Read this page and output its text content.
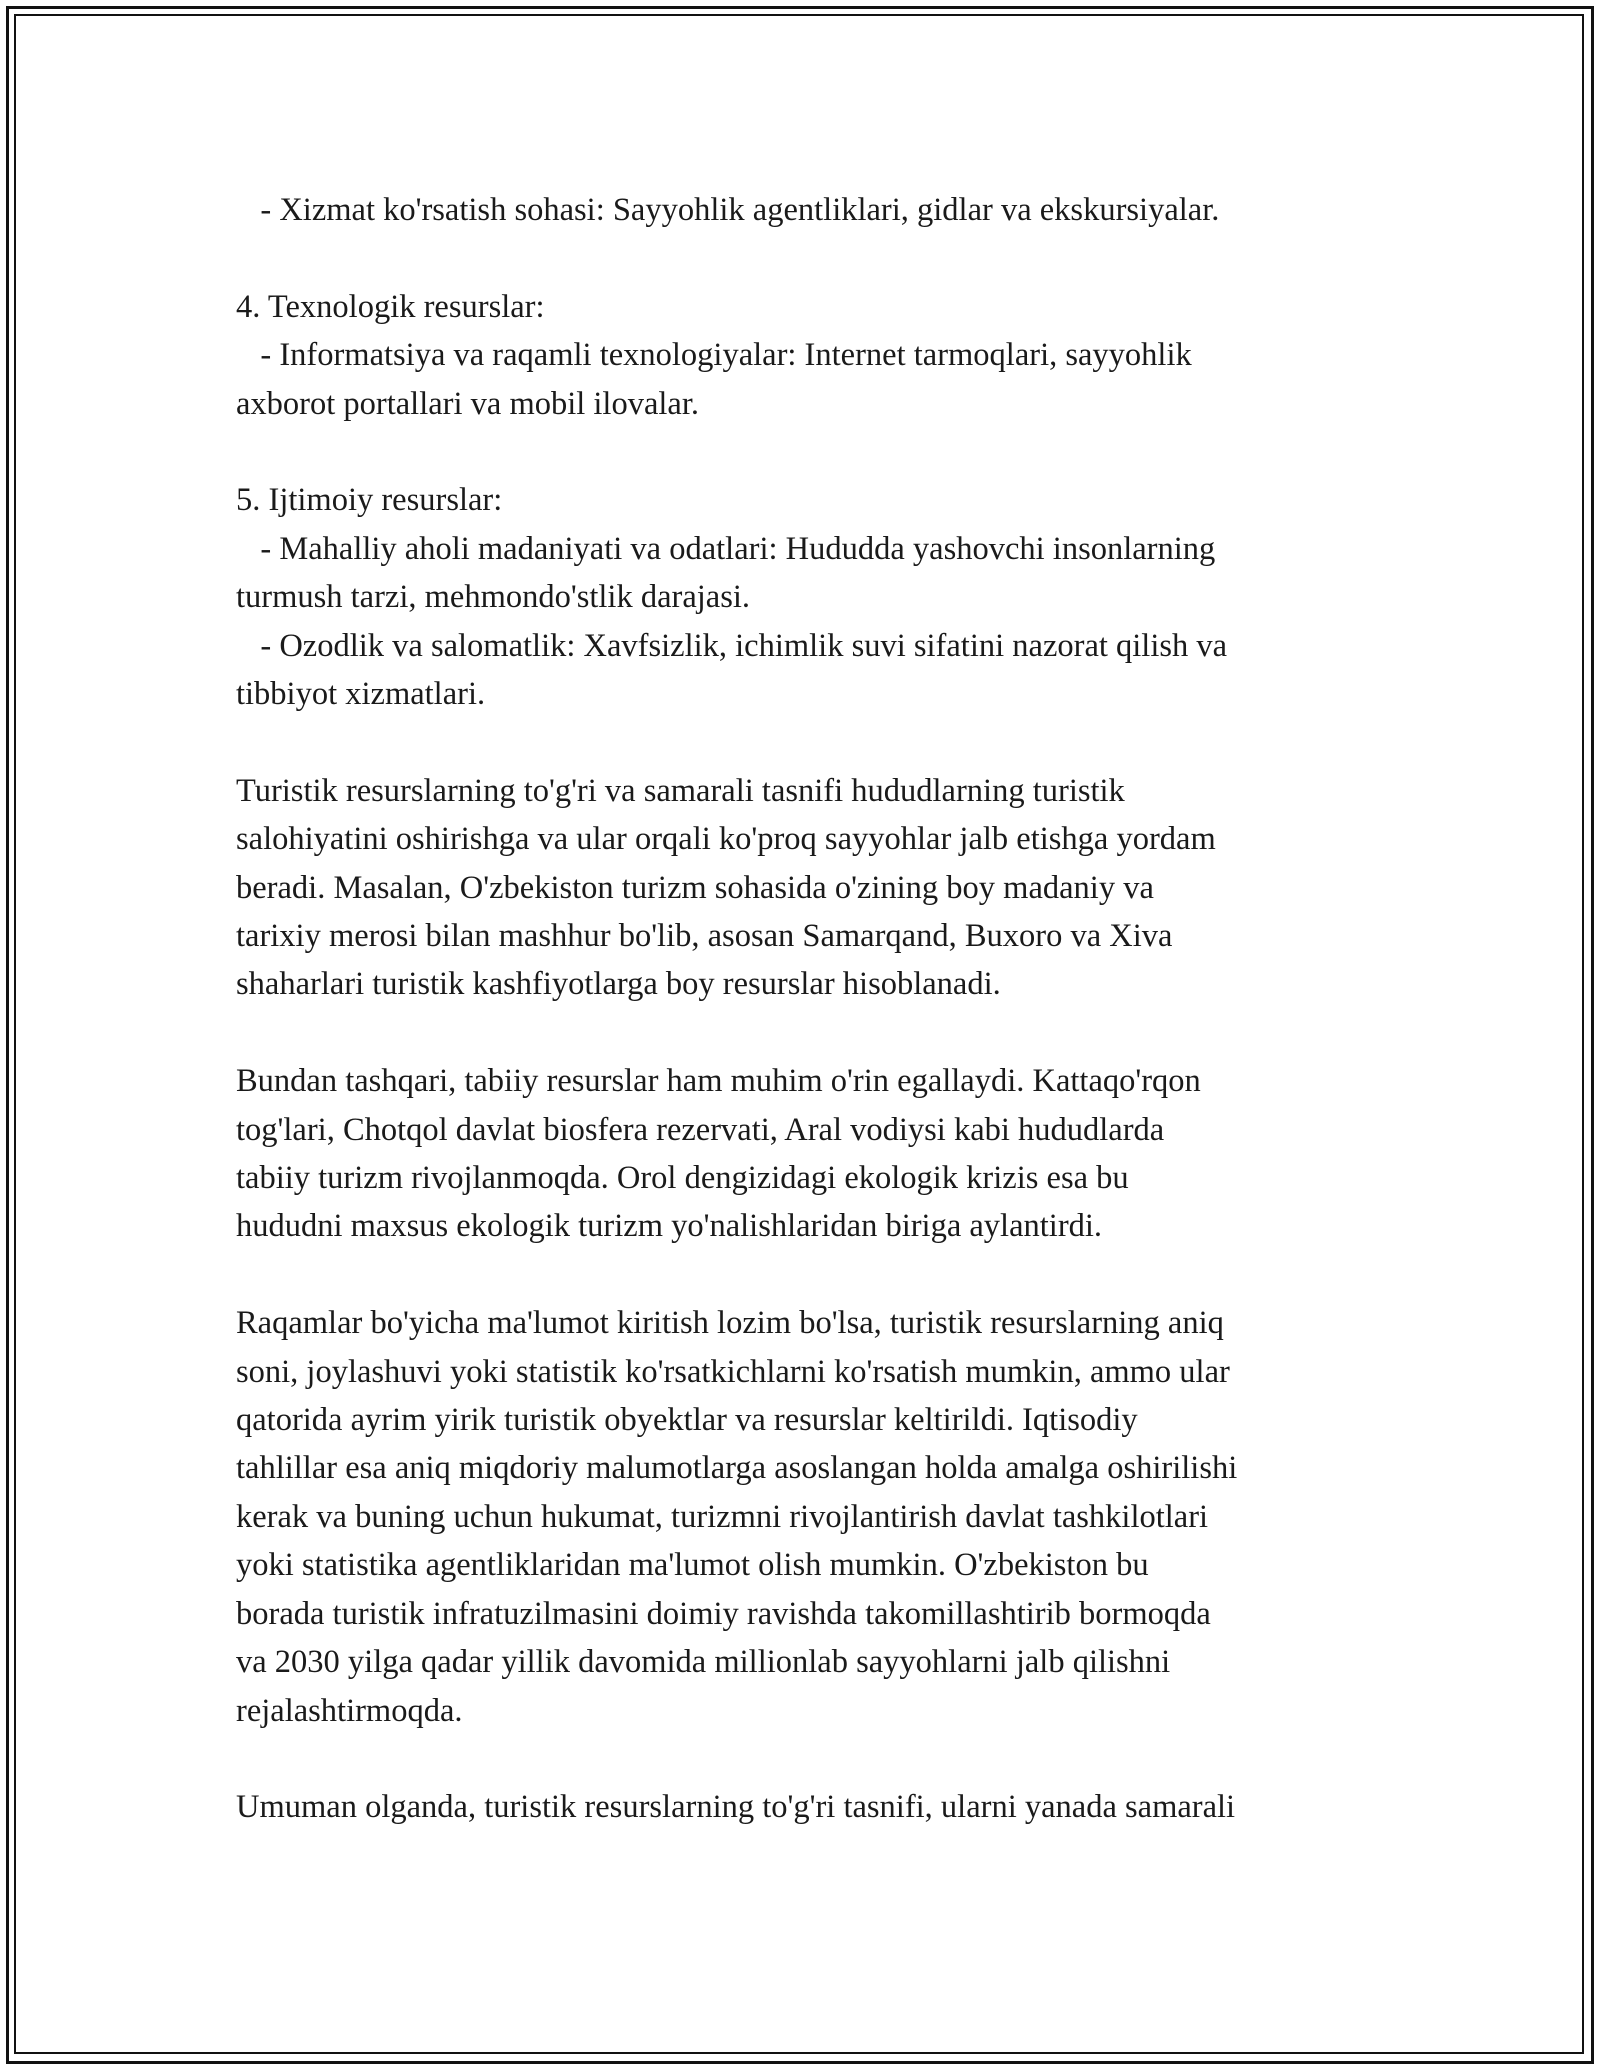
- Xizmat ko'rsatish sohasi: Sayyohlik agentliklari, gidlar va ekskursiyalar.

4. Texnologik resurslar:

- Informatsiya va raqamli texnologiyalar: Internet tarmoqlari, sayyohlik

axborot portallari va mobil ilovalar.

5. Ijtimoiy resurslar:

- Mahalliy aholi madaniyati va odatlari: Hududda yashovchi insonlarning

turmush tarzi, mehmondo'stlik darajasi.

- Ozodlik va salomatlik: Xavfsizlik, ichimlik suvi sifatini nazorat qilish va

tibbiyot xizmatlari.

Turistik resurslarning to'g'ri va samarali tasnifi hududlarning turistik

salohiyatini oshirishga va ular orqali ko'proq sayyohlar jalb etishga yordam

beradi. Masalan, O'zbekiston turizm sohasida o'zining boy madaniy va

tarixiy merosi bilan mashhur bo'lib, asosan Samarqand, Buxoro va Xiva

shaharlari turistik kashfiyotlarga boy resurslar hisoblanadi.

Bundan tashqari, tabiiy resurslar ham muhim o'rin egallaydi. Kattaqo'rqon

tog'lari, Chotqol davlat biosfera rezervati, Aral vodiysi kabi hududlarda

tabiiy turizm rivojlanmoqda. Orol dengizidagi ekologik krizis esa bu

hududni maxsus ekologik turizm yo'nalishlaridan biriga aylantirdi.

Raqamlar bo'yicha ma'lumot kiritish lozim bo'lsa, turistik resurslarning aniq

soni, joylashuvi yoki statistik ko'rsatkichlarni ko'rsatish mumkin, ammo ular

qatorida ayrim yirik turistik obyektlar va resurslar keltirildi. Iqtisodiy

tahlillar esa aniq miqdoriy malumotlarga asoslangan holda amalga oshirilishi

kerak va buning uchun hukumat, turizmni rivojlantirish davlat tashkilotlari

yoki statistika agentliklaridan ma'lumot olish mumkin. O'zbekiston bu

borada turistik infratuzilmasini doimiy ravishda takomillashtirib bormoqda

va 2030 yilga qadar yillik davomida millionlab sayyohlarni jalb qilishni

rejalashtirmoqda.

Umuman olganda, turistik resurslarning to'g'ri tasnifi, ularni yanada samarali
